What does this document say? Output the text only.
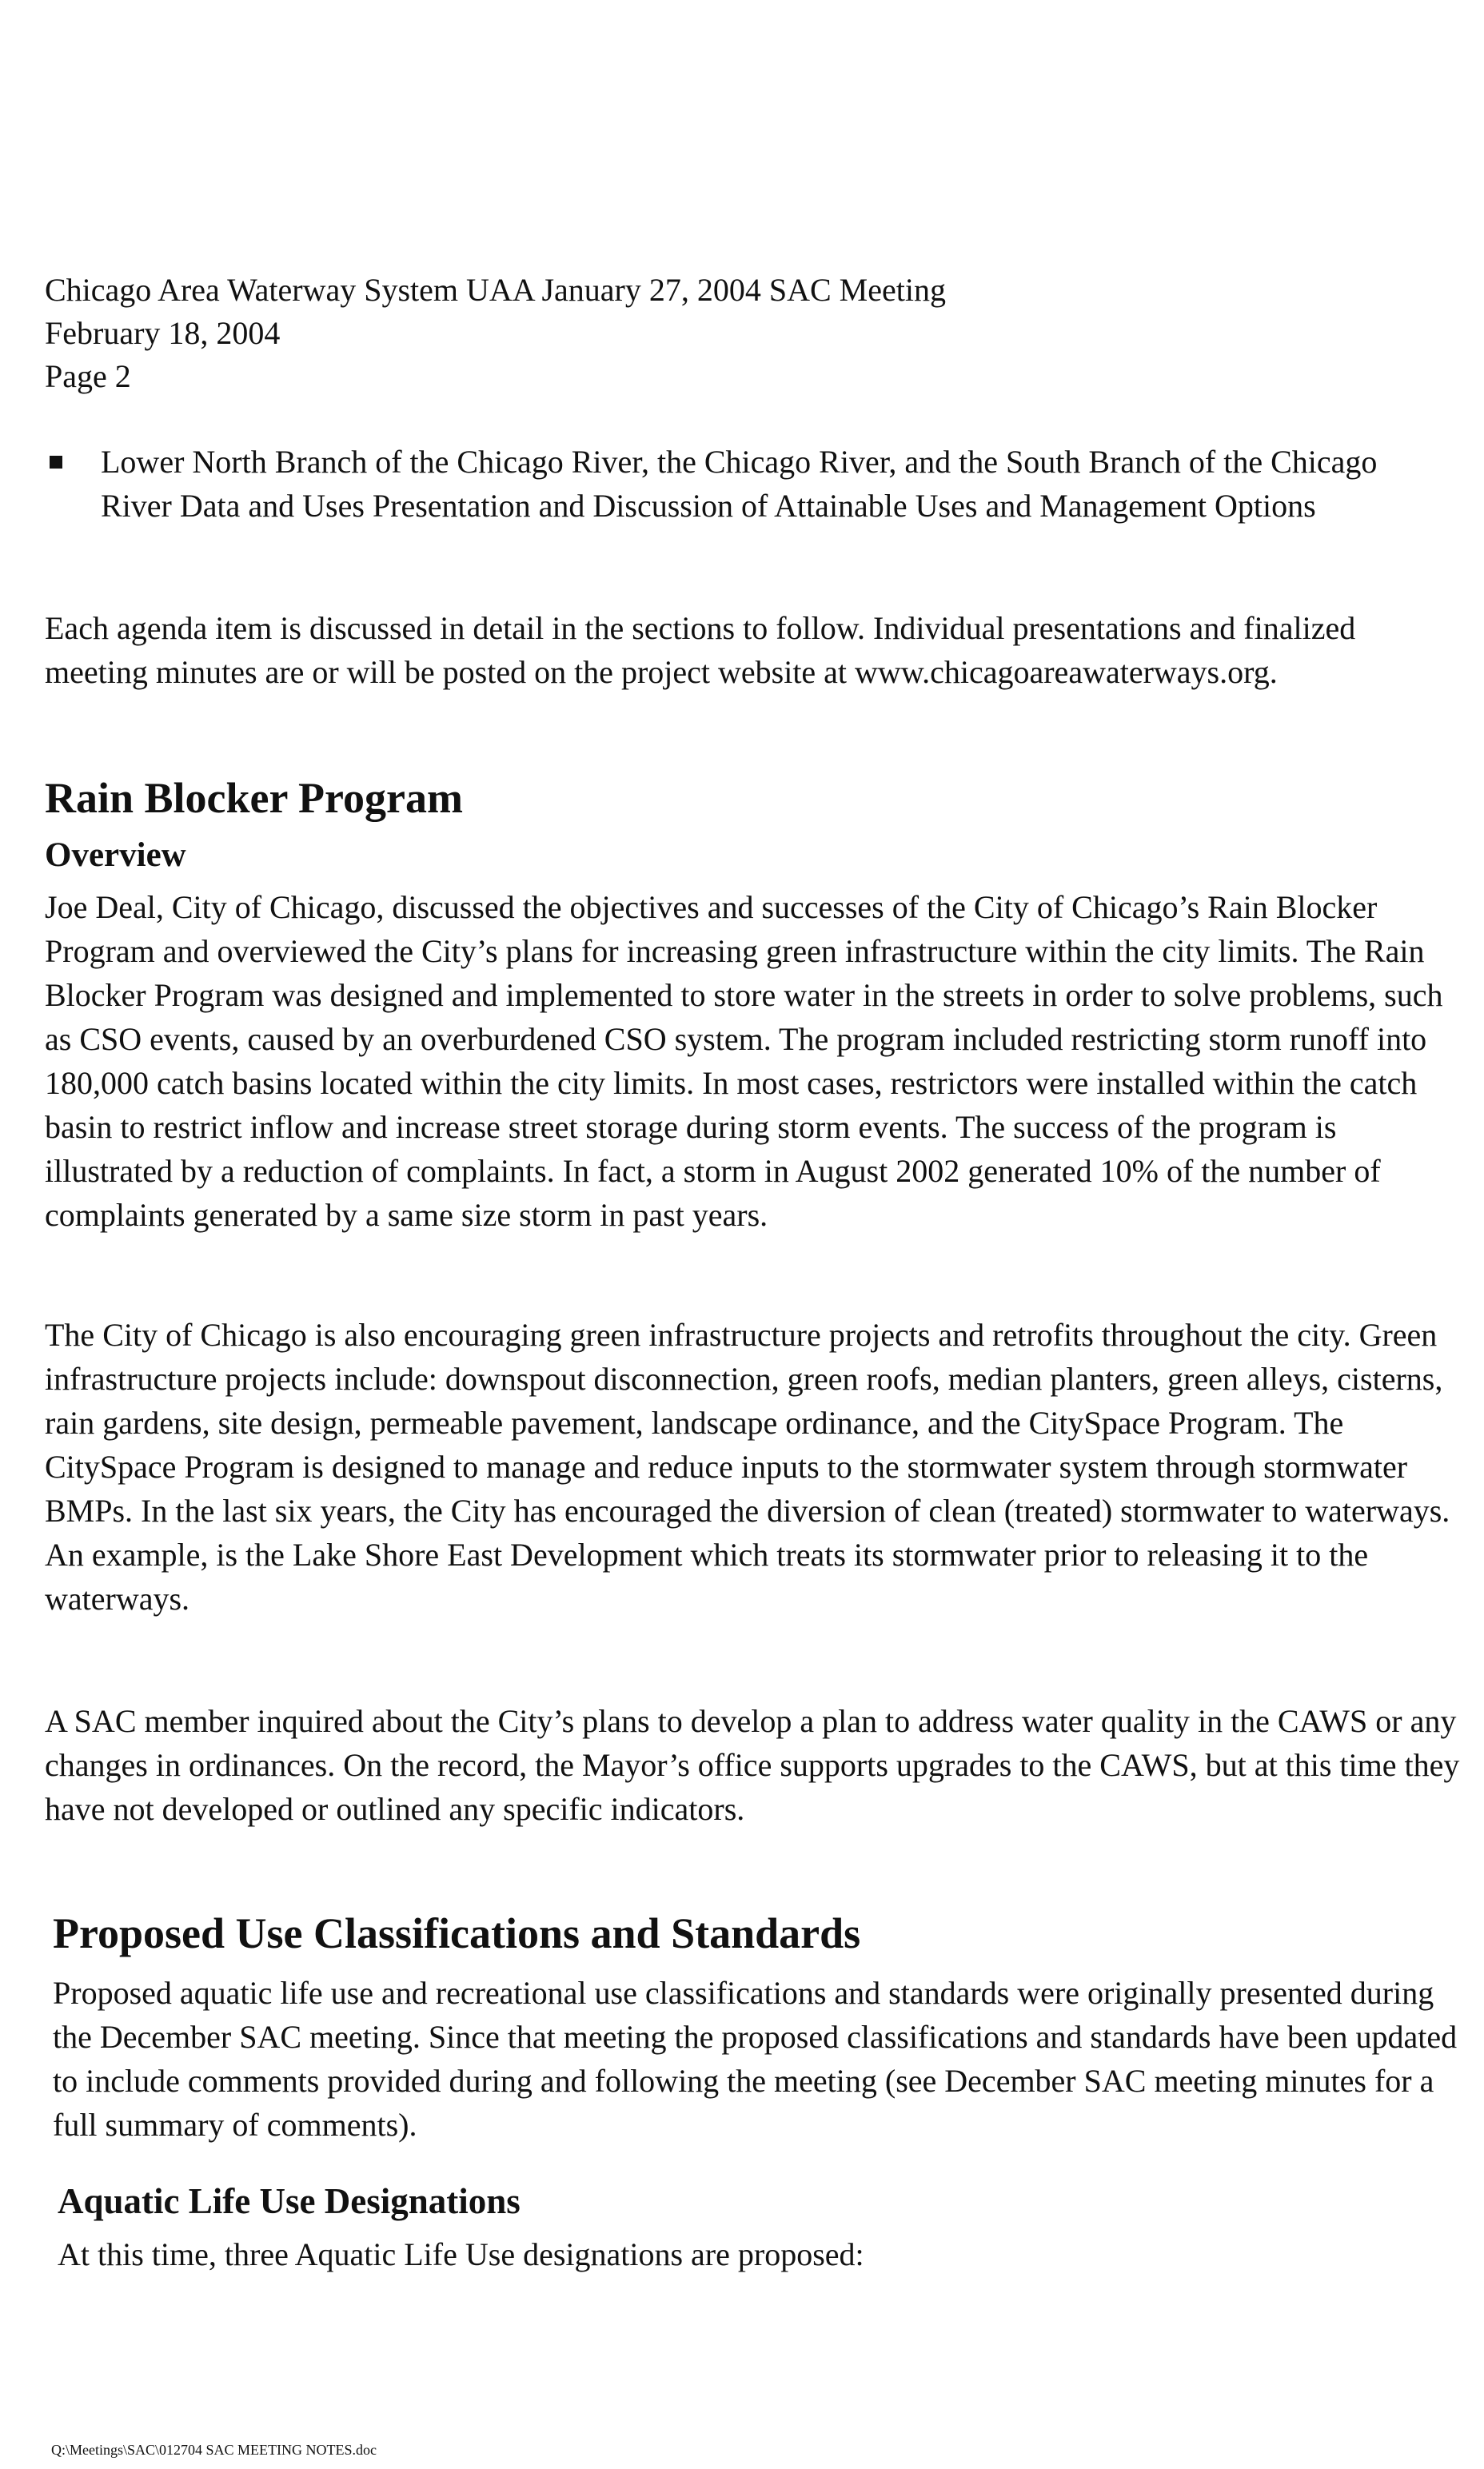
Chicago Area Waterway System UAA January 27, 2004 SAC Meeting
February 18, 2004
Page 2
Lower North Branch of the Chicago River, the Chicago River, and the South Branch of the Chicago River Data and Uses Presentation and Discussion of Attainable Uses and Management Options

Each agenda item is discussed in detail in the sections to follow. Individual presentations and finalized meeting minutes are or will be posted on the project website at www.chicagoareawaterways.org.

Rain Blocker Program
Overview

Joe Deal, City of Chicago, discussed the objectives and successes of the City of Chicago’s Rain Blocker Program and overviewed the City’s plans for increasing green infrastructure within the city limits. The Rain Blocker Program was designed and implemented to store water in the streets in order to solve problems, such as CSO events, caused by an overburdened CSO system. The program included restricting storm runoff into 180,000 catch basins located within the city limits. In most cases, restrictors were installed within the catch basin to restrict inflow and increase street storage during storm events. The success of the program is illustrated by a reduction of complaints. In fact, a storm in August 2002 generated 10% of the number of complaints generated by a same size storm in past years.

The City of Chicago is also encouraging green infrastructure projects and retrofits throughout the city. Green infrastructure projects include: downspout disconnection, green roofs, median planters, green alleys, cisterns, rain gardens, site design, permeable pavement, landscape ordinance, and the CitySpace Program. The CitySpace Program is designed to manage and reduce inputs to the stormwater system through stormwater BMPs. In the last six years, the City has encouraged the diversion of clean (treated) stormwater to waterways. An example, is the Lake Shore East Development which treats its stormwater prior to releasing it to the waterways.

A SAC member inquired about the City’s plans to develop a plan to address water quality in the CAWS or any changes in ordinances. On the record, the Mayor’s office supports upgrades to the CAWS, but at this time they have not developed or outlined any specific indicators.

Proposed Use Classifications and Standards

Proposed aquatic life use and recreational use classifications and standards were originally presented during the December SAC meeting. Since that meeting the proposed classifications and standards have been updated to include comments provided during and following the meeting (see December SAC meeting minutes for a full summary of comments).

Aquatic Life Use Designations

At this time, three Aquatic Life Use designations are proposed:

Q:\Meetings\SAC\012704 SAC MEETING NOTES.doc
